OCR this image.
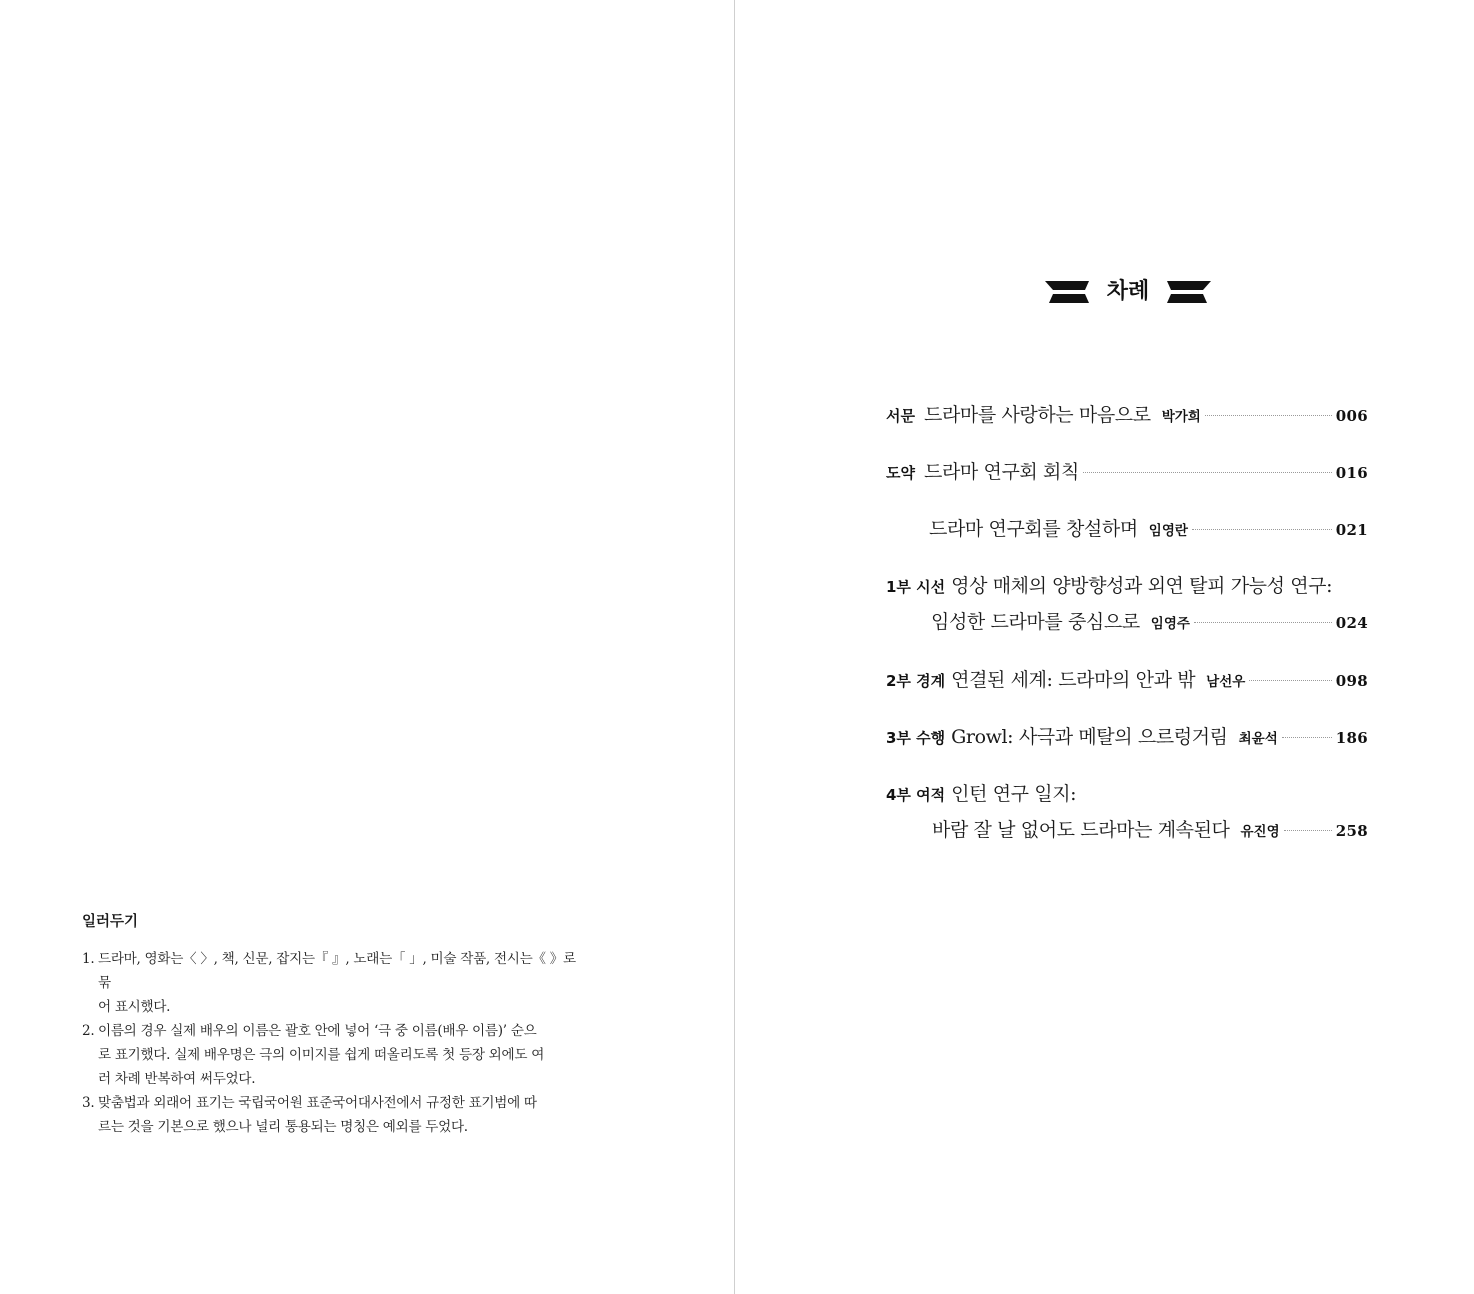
일러두기
1. 드라마, 영화는〈 〉, 책, 신문, 잡지는『 』, 노래는「 」, 미술 작품, 전시는《 》로 묶
어 표시했다.
2. 이름의 경우 실제 배우의 이름은 괄호 안에 넣어 ‘극 중 이름(배우 이름)’ 순으
로 표기했다. 실제 배우명은 극의 이미지를 쉽게 떠올리도록 첫 등장 외에도 여
러 차례 반복하여 써두었다.
3. 맞춤법과 외래어 표기는 국립국어원 표준국어대사전에서 규정한 표기범에 따
르는 것을 기본으로 했으나 널리 통용되는 명칭은 예외를 두었다.
차례
서문 드라마를 사랑하는 마음으로 박가희	006
도약 드라마 연구회 회칙	016
드라마 연구회를 창설하며 임영란	021
1부 시선 영상 매체의 양방향성과 외연 탈피 가능성 연구:
임성한 드라마를 중심으로 임영주	024
2부 경계 연결된 세계: 드라마의 안과 밖 남선우	098
3부 수행 Growl: 사극과 메탈의 으르렁거림 최윤석	186
4부 여적 인턴 연구 일지:
바람 잘 날 없어도 드라마는 계속된다 유진영	258
